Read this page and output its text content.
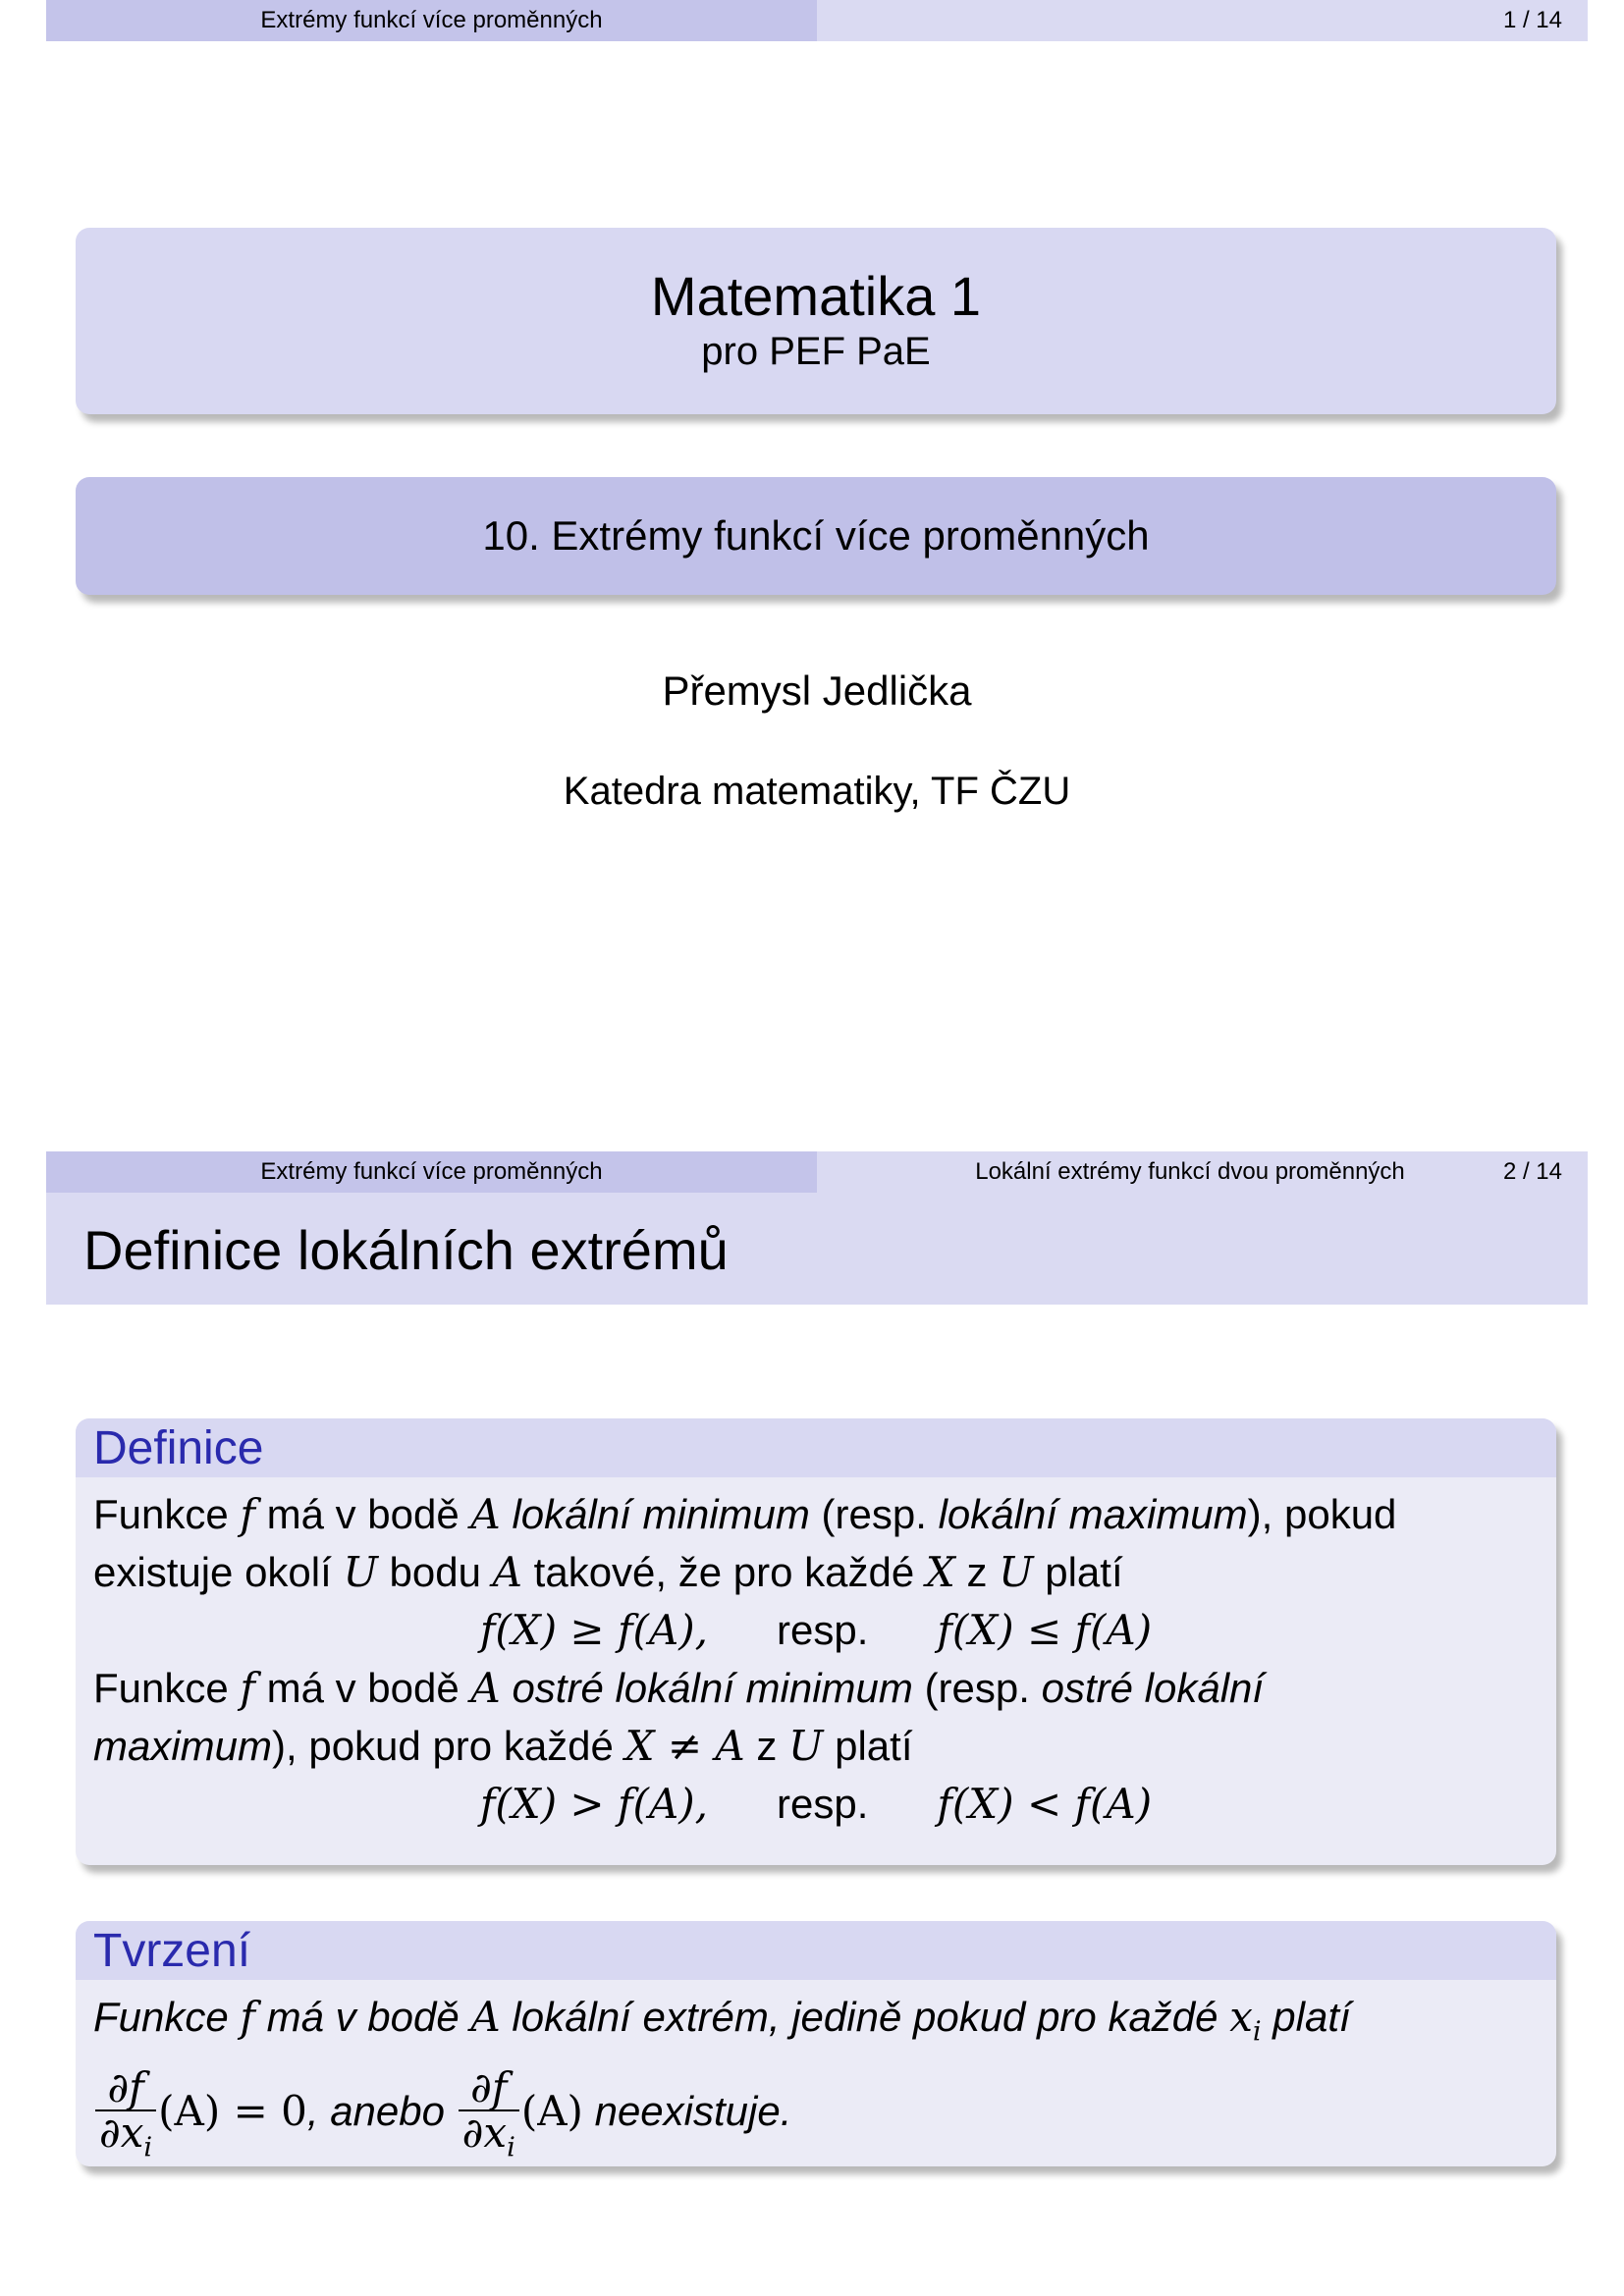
Extrémy funkcí více proměnných	1 / 14
Matematika 1
pro PEF PaE
10. Extrémy funkcí více proměnných
Přemysl Jedlička
Katedra matematiky, TF ČZU
Extrémy funkcí více proměnných	Lokální extrémy funkcí dvou proměnných	2 / 14
Definice lokálních extrémů
Definice
Funkce f má v bodě A lokální minimum (resp. lokální maximum), pokud
existuje okolí U bodu A takové, že pro každé X z U platí
f(X) ≥ f(A), resp. f(X) ≤ f(A)
Funkce f má v bodě A ostré lokální minimum (resp. ostré lokální
maximum), pokud pro každé X ≠ A z U platí
f(X) > f(A), resp. f(X) < f(A)
Tvrzení
Funkce f má v bodě A lokální extrém, jedině pokud pro každé $x_i$ platí
$\frac{\partial f}{\partial x_i} (A) = 0$, anebo $\frac{\partial f}{\partial x_i} (A)$ neexistuje.
